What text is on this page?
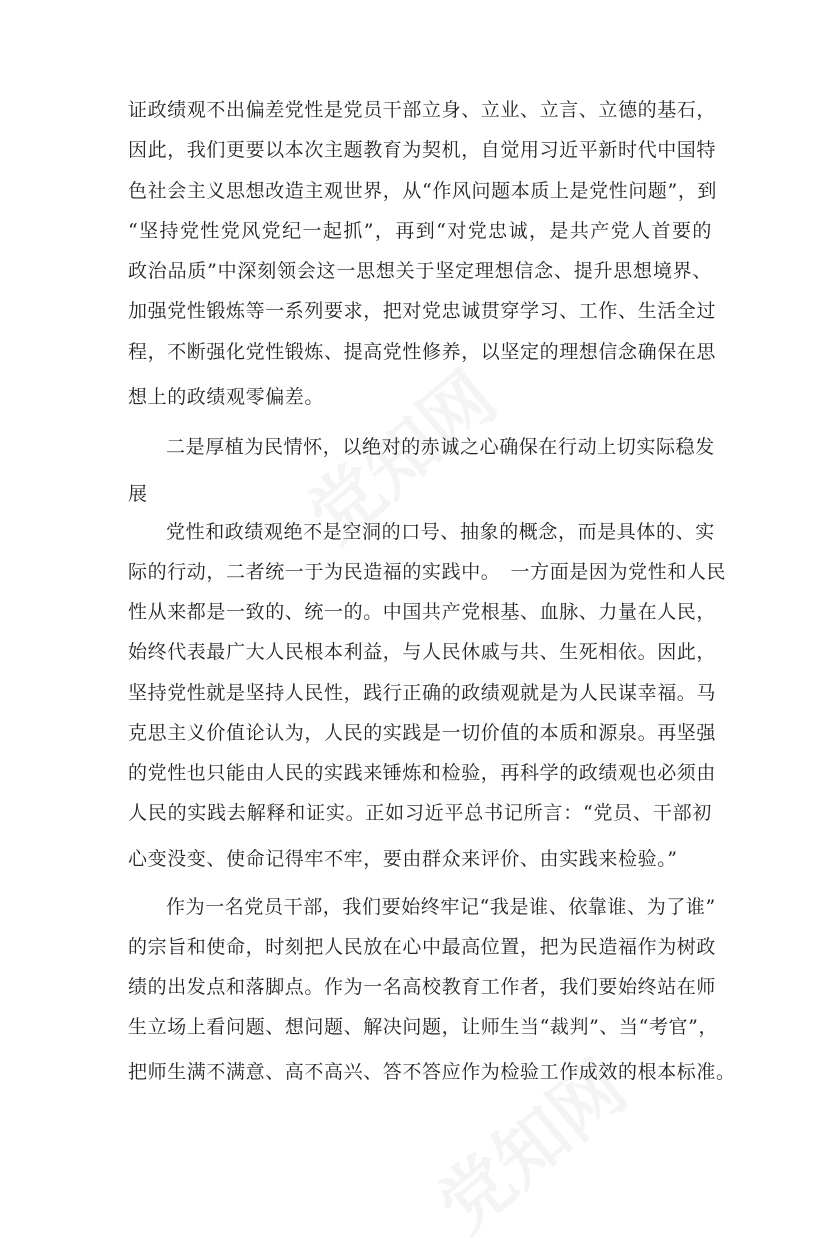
证政绩观不出偏差党性是党员干部立身、立业、立言、立德的基石，
因此，我们更要以本次主题教育为契机，自觉用习近平新时代中国特
色社会主义思想改造主观世界，从“作风问题本质上是党性问题”，到
“坚持党性党风党纪一起抓”，再到“对党忠诚，是共产党人首要的
政治品质”中深刻领会这一思想关于坚定理想信念、提升思想境界、
加强党性锻炼等一系列要求，把对党忠诚贯穿学习、工作、生活全过
程，不断强化党性锻炼、提高党性修养，以坚定的理想信念确保在思
想上的政绩观零偏差。
二是厚植为民情怀，以绝对的赤诚之心确保在行动上切实际稳发
展
党性和政绩观绝不是空洞的口号、抽象的概念，而是具体的、实
际的行动，二者统一于为民造福的实践中。　一方面是因为党性和人民
性从来都是一致的、统一的。中国共产党根基、血脉、力量在人民，
始终代表最广大人民根本利益，与人民休戚与共、生死相依。因此，
坚持党性就是坚持人民性，践行正确的政绩观就是为人民谋幸福。马
克思主义价值论认为，人民的实践是一切价值的本质和源泉。再坚强
的党性也只能由人民的实践来锤炼和检验，再科学的政绩观也必须由
人民的实践去解释和证实。正如习近平总书记所言：“党员、干部初
心变没变、使命记得牢不牢，要由群众来评价、由实践来检验。”
作为一名党员干部，我们要始终牢记“我是谁、依靠谁、为了谁”
的宗旨和使命，时刻把人民放在心中最高位置，把为民造福作为树政
绩的出发点和落脚点。作为一名高校教育工作者，我们要始终站在师
生立场上看问题、想问题、解决问题，让师生当“裁判”、当“考官”，
把师生满不满意、高不高兴、答不答应作为检验工作成效的根本标准。
